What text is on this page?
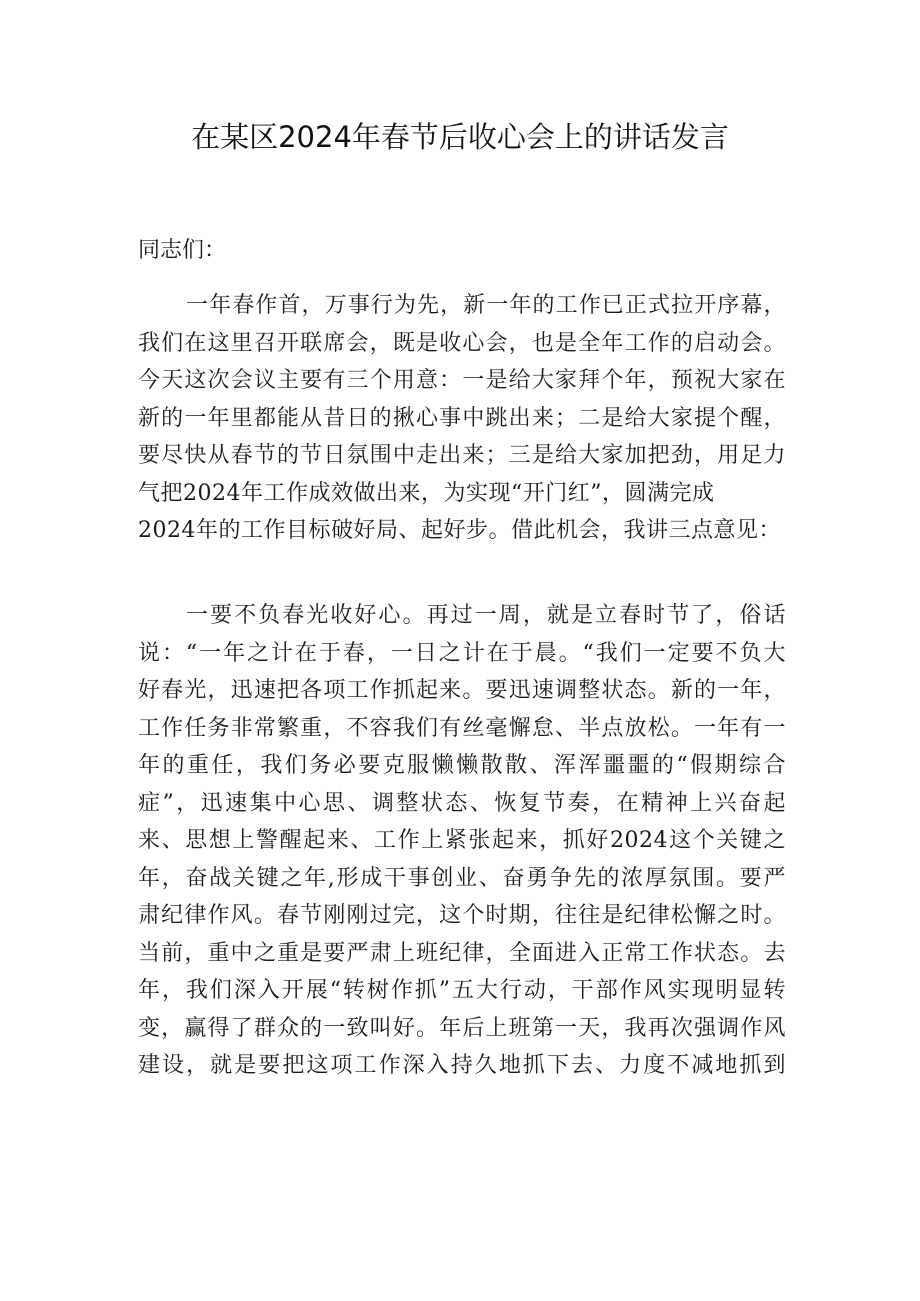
在某区2024年春节后收心会上的讲话发言
同志们：
一年春作首，万事行为先，新一年的工作已正式拉开序幕，
我们在这里召开联席会，既是收心会，也是全年工作的启动会。
今天这次会议主要有三个用意：一是给大家拜个年，预祝大家在
新的一年里都能从昔日的揪心事中跳出来；二是给大家提个醒，
要尽快从春节的节日氛围中走出来；三是给大家加把劲，用足力
气把2024年工作成效做出来，为实现“开门红”，圆满完成
2024年的工作目标破好局、起好步。借此机会，我讲三点意见：
一要不负春光收好心。再过一周，就是立春时节了，俗话
说：“一年之计在于春，一日之计在于晨。“我们一定要不负大
好春光，迅速把各项工作抓起来。要迅速调整状态。新的一年，
工作任务非常繁重，不容我们有丝毫懈怠、半点放松。一年有一
年的重任，我们务必要克服懒懒散散、浑浑噩噩的“假期综合
症”，迅速集中心思、调整状态、恢复节奏，在精神上兴奋起
来、思想上警醒起来、工作上紧张起来，抓好2024这个关键之
年，奋战关键之年,形成干事创业、奋勇争先的浓厚氛围。要严
肃纪律作风。春节刚刚过完，这个时期，往往是纪律松懈之时。
当前，重中之重是要严肃上班纪律，全面进入正常工作状态。去
年，我们深入开展“转树作抓”五大行动，干部作风实现明显转
变，赢得了群众的一致叫好。年后上班第一天，我再次强调作风
建设，就是要把这项工作深入持久地抓下去、力度不减地抓到
